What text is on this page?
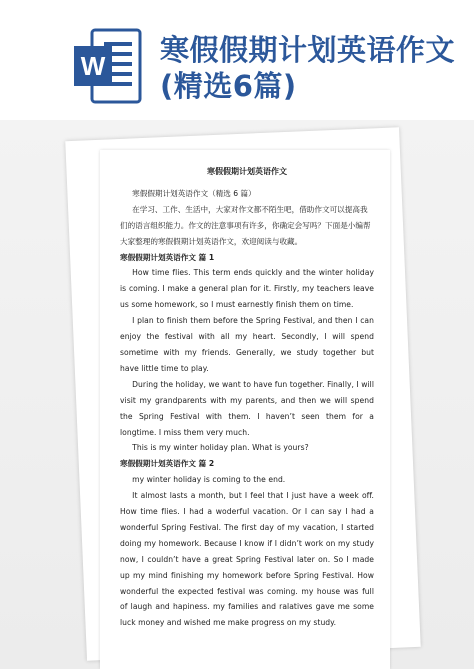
W 寒假假期计划英语作文(精选6篇)
寒假假期计划英语作文

寒假假期计划英语作文（精选 6 篇）

在学习、工作、生活中，大家对作文都不陌生吧，借助作文可以提高我们的语言组织能力。作文的注意事项有许多，你确定会写吗？下面是小编帮大家整理的寒假假期计划英语作文，欢迎阅读与收藏。

寒假假期计划英语作文 篇 1

How time flies. This term ends quickly and the winter holiday is coming. I make a general plan for it. Firstly, my teachers leave us some homework, so I must earnestly finish them on time.

I plan to finish them before the Spring Festival, and then I can enjoy the festival with all my heart. Secondly, I will spend sometime with my friends. Generally, we study together but have little time to play.

During the holiday, we want to have fun together. Finally, I will visit my grandparents with my parents, and then we will spend the Spring Festival with them. I haven’t seen them for a longtime. I miss them very much.

This is my winter holiday plan. What is yours?

寒假假期计划英语作文 篇 2

my winter holiday is coming to the end.

It almost lasts a month, but I feel that I just have a week off. How time flies. I had a woderful vacation. Or I can say I had a wonderful Spring Festival. The first day of my vacation, I started doing my homework. Because I know if I didn’t work on my study now, I couldn’t have a great Spring Festival later on. So I made up my mind finishing my homework before Spring Festival. How wonderful the expected festival was coming. my house was full of laugh and hapiness. my families and ralatives gave me some luck money and wished me make progress on my study.
